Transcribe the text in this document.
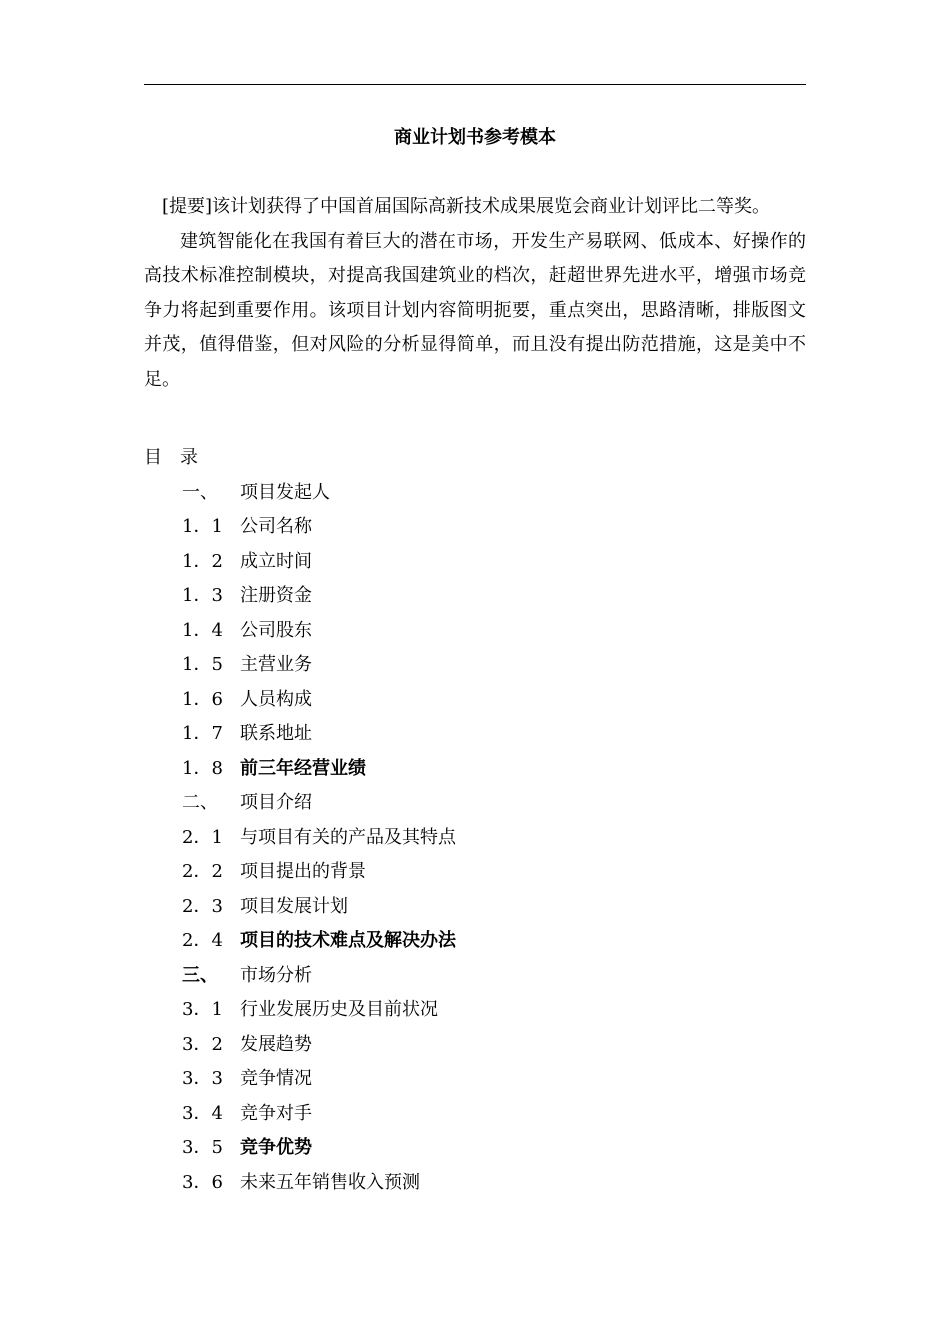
商业计划书参考模本
[提要]该计划获得了中国首届国际高新技术成果展览会商业计划评比二等奖。

建筑智能化在我国有着巨大的潜在市场，开发生产易联网、低成本、好操作的高技术标准控制模块，对提高我国建筑业的档次，赶超世界先进水平，增强市场竞争力将起到重要作用。该项目计划内容简明扼要，重点突出，思路清晰，排版图文并茂，值得借鉴，但对风险的分析显得简单，而且没有提出防范措施，这是美中不足。

目　录
一、 项目发起人
1．1 公司名称
1．2 成立时间
1．3 注册资金
1．4 公司股东
1．5 主营业务
1．6 人员构成
1．7 联系地址
1．8 前三年经营业绩
二、 项目介绍
2．1 与项目有关的产品及其特点
2．2 项目提出的背景
2．3 项目发展计划
2．4 项目的技术难点及解决办法
三、 市场分析
3．1 行业发展历史及目前状况
3．2 发展趋势
3．3 竞争情况
3．4 竞争对手
3．5 竞争优势
3．6 未来五年销售收入预测
